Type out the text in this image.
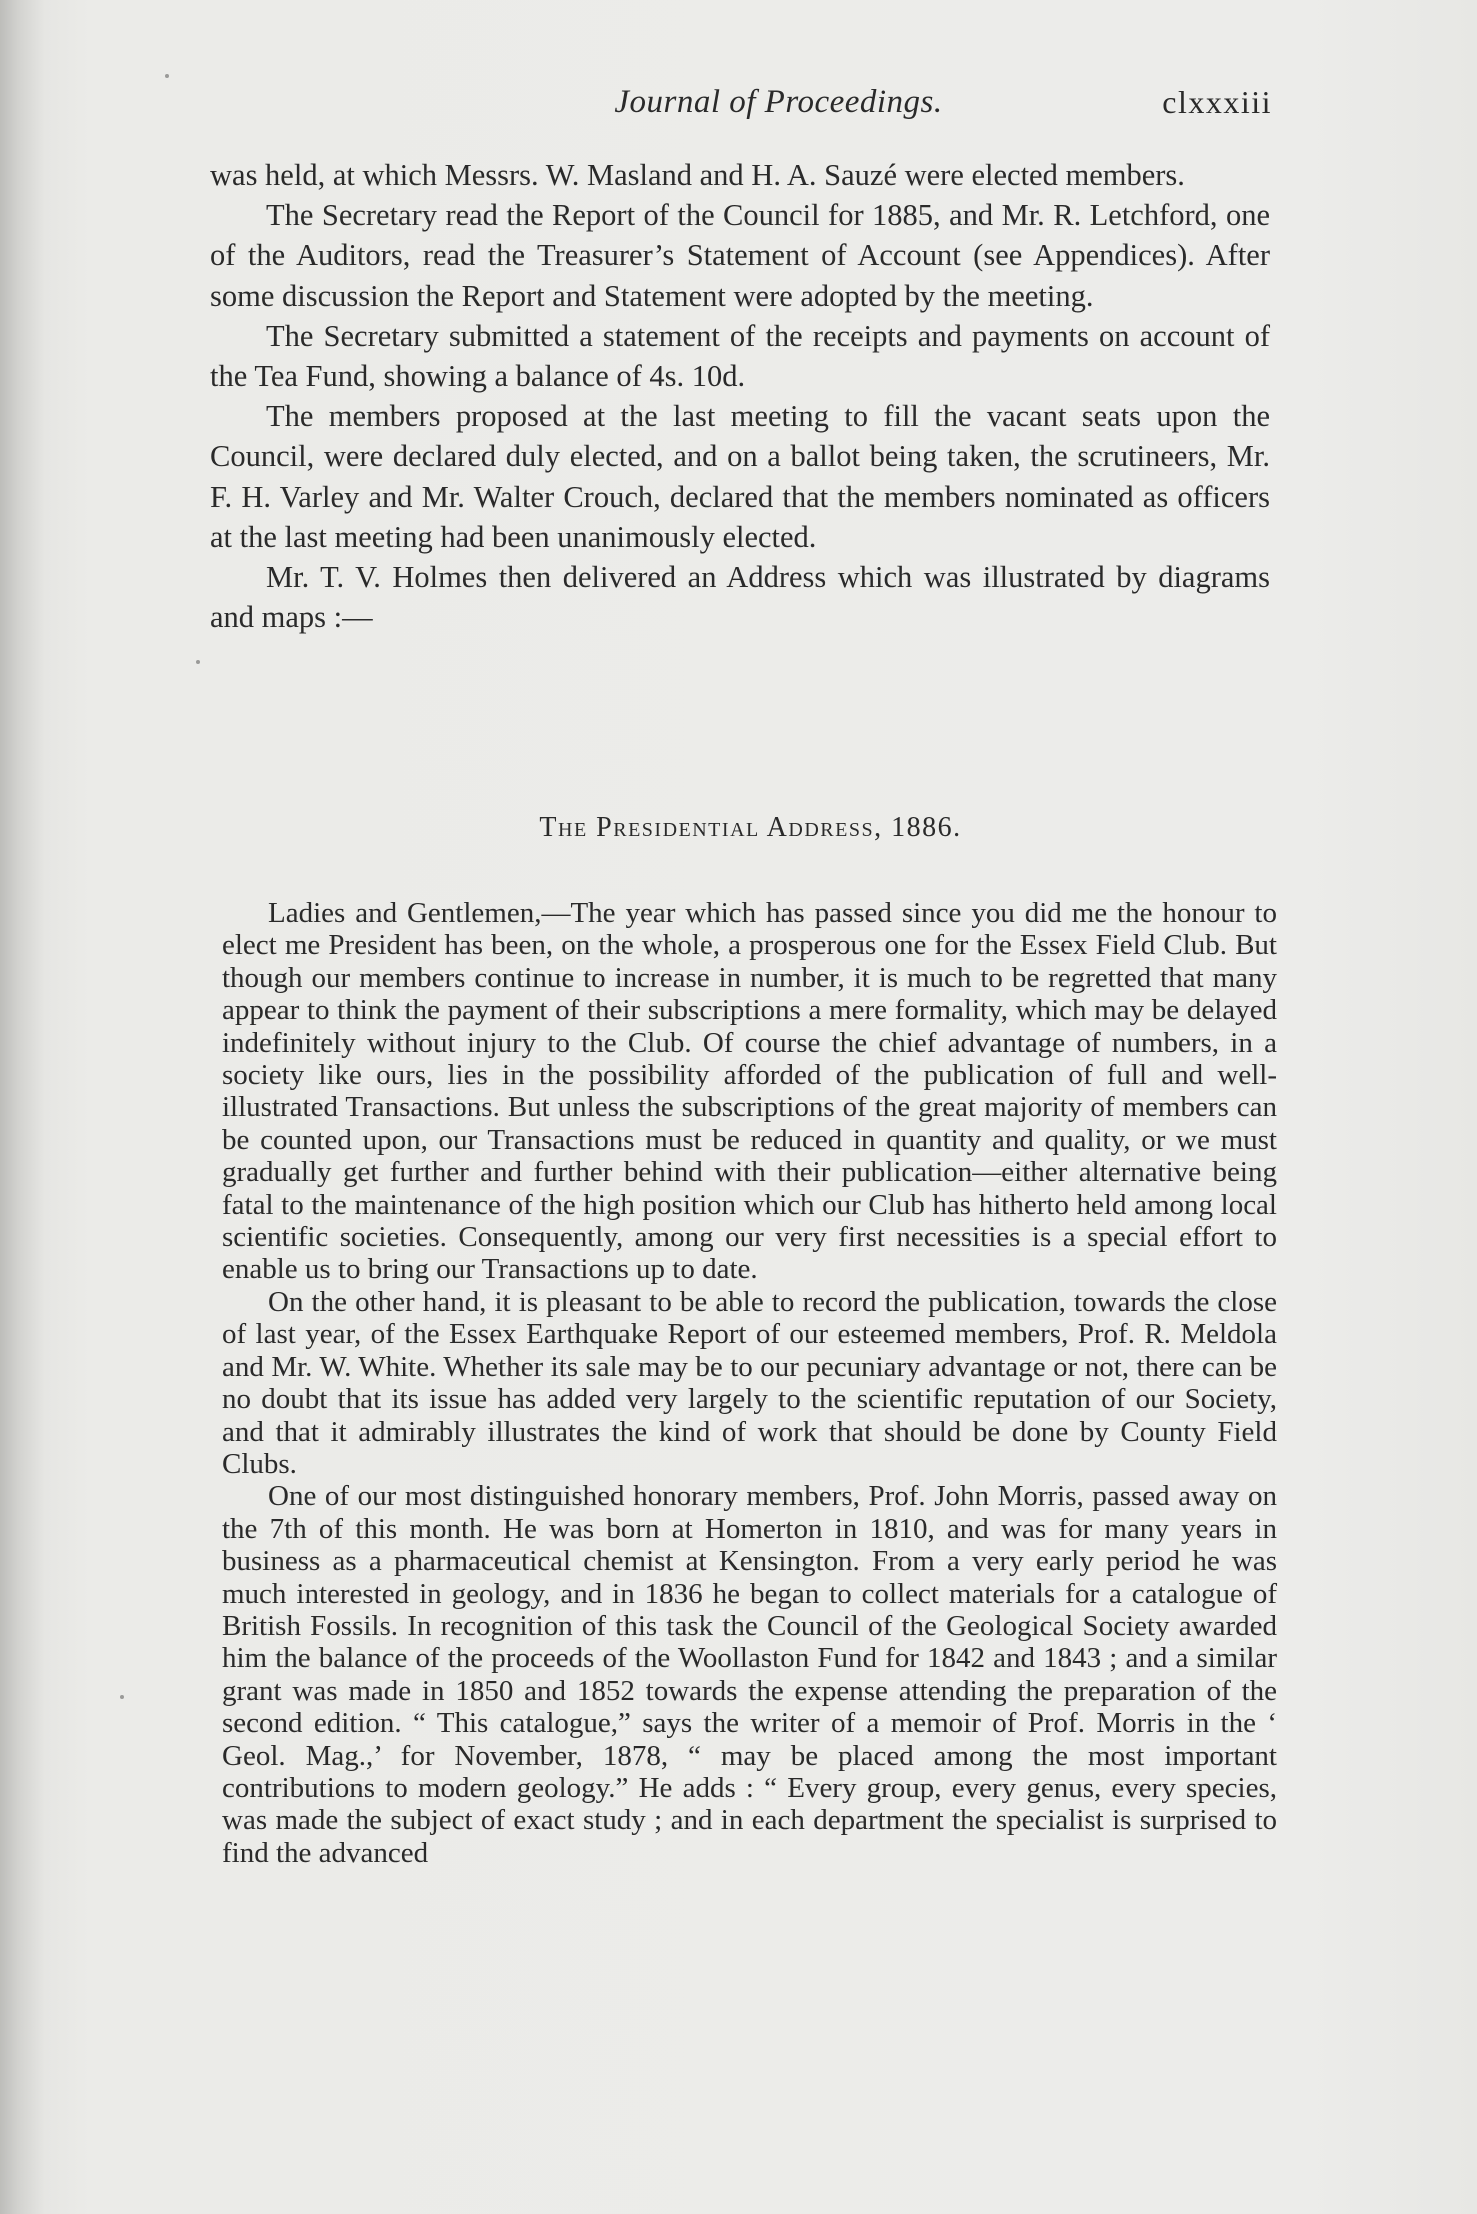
Journal of Proceedings.	clxxxiii

was held, at which Messrs. W. Masland and H. A. Sauzé were elected members.

The Secretary read the Report of the Council for 1885, and Mr. R. Letchford, one of the Auditors, read the Treasurer’s Statement of Account (see Appendices). After some discussion the Report and Statement were adopted by the meeting.

The Secretary submitted a statement of the receipts and payments on account of the Tea Fund, showing a balance of 4s. 10d.

The members proposed at the last meeting to fill the vacant seats upon the Council, were declared duly elected, and on a ballot being taken, the scrutineers, Mr. F. H. Varley and Mr. Walter Crouch, declared that the members nominated as officers at the last meeting had been unanimously elected.

Mr. T. V. Holmes then delivered an Address which was illustrated by diagrams and maps :—

The Presidential Address, 1886.

Ladies and Gentlemen,—The year which has passed since you did me the honour to elect me President has been, on the whole, a prosperous one for the Essex Field Club. But though our members continue to increase in number, it is much to be regretted that many appear to think the payment of their subscriptions a mere formality, which may be delayed indefinitely without injury to the Club. Of course the chief advantage of numbers, in a society like ours, lies in the possibility afforded of the publication of full and well-illustrated Transactions. But unless the subscriptions of the great majority of members can be counted upon, our Transactions must be reduced in quantity and quality, or we must gradually get further and further behind with their publication—either alternative being fatal to the maintenance of the high position which our Club has hitherto held among local scientific societies. Consequently, among our very first necessities is a special effort to enable us to bring our Transactions up to date.

On the other hand, it is pleasant to be able to record the publication, towards the close of last year, of the Essex Earthquake Report of our esteemed members, Prof. R. Meldola and Mr. W. White. Whether its sale may be to our pecuniary advantage or not, there can be no doubt that its issue has added very largely to the scientific reputation of our Society, and that it admirably illustrates the kind of work that should be done by County Field Clubs.

One of our most distinguished honorary members, Prof. John Morris, passed away on the 7th of this month. He was born at Homerton in 1810, and was for many years in business as a pharmaceutical chemist at Kensington. From a very early period he was much interested in geology, and in 1836 he began to collect materials for a catalogue of British Fossils. In recognition of this task the Council of the Geological Society awarded him the balance of the proceeds of the Woollaston Fund for 1842 and 1843 ; and a similar grant was made in 1850 and 1852 towards the expense attending the preparation of the second edition. “ This catalogue,” says the writer of a memoir of Prof. Morris in the ‘ Geol. Mag.,’ for November, 1878, “ may be placed among the most important contributions to modern geology.” He adds : “ Every group, every genus, every species, was made the subject of exact study ; and in each department the specialist is surprised to find the advanced
